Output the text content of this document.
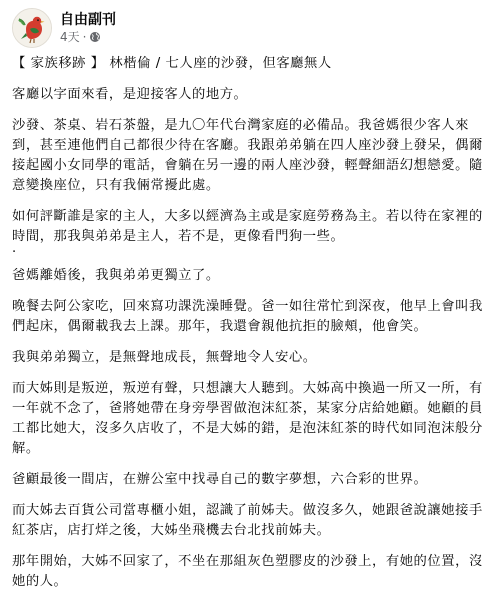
自由副刊
4天 ·
【 家族移跡 】 林楷倫 / 七人座的沙發，但客廳無人
客廳以字面來看，是迎接客人的地方。
沙發、茶桌、岩石茶盤，是九〇年代台灣家庭的必備品。我爸媽很少客人來到，甚至連他們自己都很少待在客廳。我跟弟弟躺在四人座沙發上發呆，偶爾接起國小女同學的電話，會躺在另一邊的兩人座沙發，輕聲細語幻想戀愛。隨意變換座位，只有我倆常擾此處。
如何評斷誰是家的主人，大多以經濟為主或是家庭勞務為主。若以待在家裡的時間，那我與弟弟是主人，若不是，更像看門狗一些。
·
爸媽離婚後，我與弟弟更獨立了。
晚餐去阿公家吃，回來寫功課洗澡睡覺。爸一如往常忙到深夜，他早上會叫我們起床，偶爾載我去上課。那年，我還會親他抗拒的臉頰，他會笑。
我與弟弟獨立，是無聲地成長，無聲地令人安心。
而大姊則是叛逆，叛逆有聲，只想讓大人聽到。大姊高中換過一所又一所，有一年就不念了，爸將她帶在身旁學習做泡沫紅茶，某家分店給她顧。她顧的員工都比她大，沒多久店收了，不是大姊的錯，是泡沫紅茶的時代如同泡沫般分解。
爸顧最後一間店，在辦公室中找尋自己的數字夢想，六合彩的世界。
而大姊去百貨公司當專櫃小姐，認識了前姊夫。做沒多久，她跟爸說讓她接手紅茶店，店打烊之後，大姊坐飛機去台北找前姊夫。
那年開始，大姊不回家了，不坐在那組灰色塑膠皮的沙發上，有她的位置，沒她的人。
